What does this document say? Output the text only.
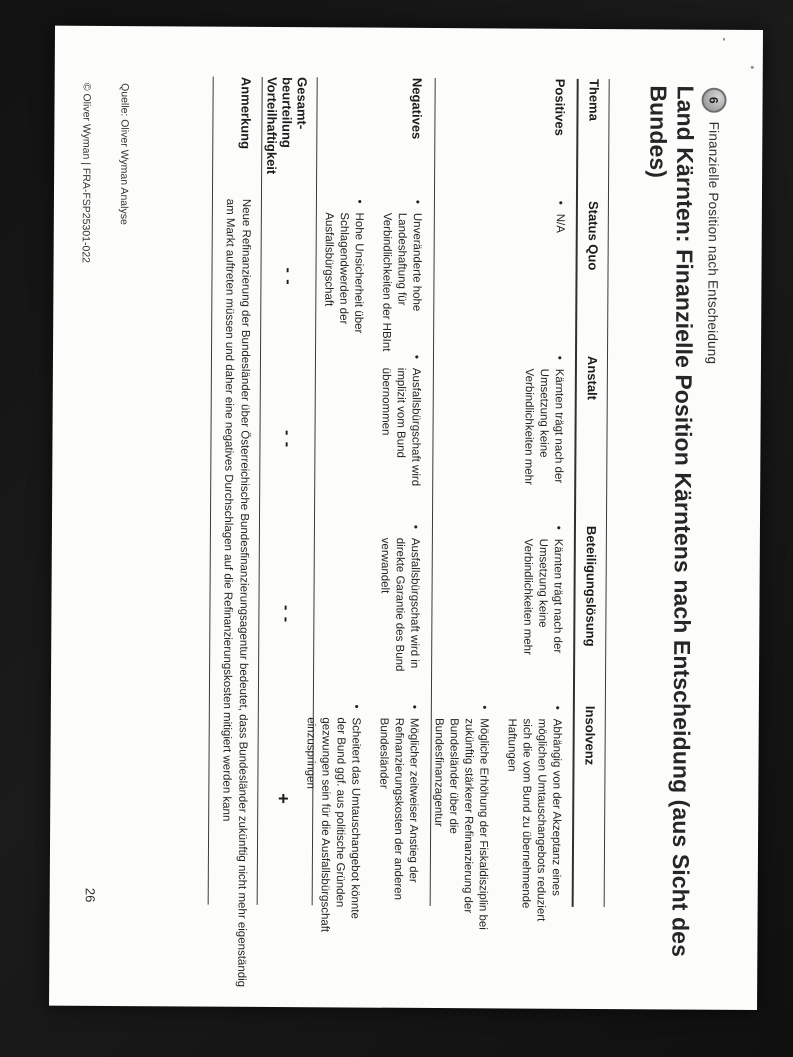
6
Finanzielle Position nach Entscheidung
Land Kärnten: Finanzielle Position Kärntens nach Entscheidung (aus Sicht des Bundes)
Thema
Status Quo
Anstalt
Beteiligungslösung
Insolvenz
Positives
•
N/A
•
Kärnten trägt nach der Umsetzung keine Verbindlichkeiten mehr
•
Kärnten trägt nach der Umsetzung keine Verbindlichkeiten mehr
•
Abhängig von der Akzeptanz eines möglichen Umtauschangebots reduziert sich die vom Bund zu übernehmende Haftungen
•
Mögliche Erhöhung der Fiskaldisziplin bei zukünftig stärkerer Refinanzierung der Bundesländer über die Bundesfinanzagentur
Negatives
•
Unveränderte hohe Landeshaftung für Verbindlichkeiten der HBInt
•
Hohe Unsicherheit über Schlagendwerden der Ausfallsbürgschaft
•
Ausfallsbürgschaft wird implizit vom Bund übernommen
•
Ausfallsbürgschaft wird in direkte Garantie des Bund verwandelt
•
Möglicher zeitweiser Anstieg der Refinanzierungskosten der anderen Bundesländer
•
Scheitert das Umtauschangebot könnte der Bund ggf. aus politische Gründen gezwungen sein für die Ausfallsbürgschaft einzuspringen
Gesamt-
beurteilung
Vorteilhaftigkeit
- -
- -
- -
+
Anmerkung
Neue Refinanzierung der Bundesländer über Österreichische Bundesfinanzierungsagentur bedeutet, dass Bundesländer zukünftig nicht mehr eigenständig am Markt auftreten müssen und daher eine negatives Durchschlagen auf die Refinanzierungskosten mitigiert werden kann
Quelle: Oliver Wyman Analyse
© Oliver Wyman | FRA-FSP25301-022
26
